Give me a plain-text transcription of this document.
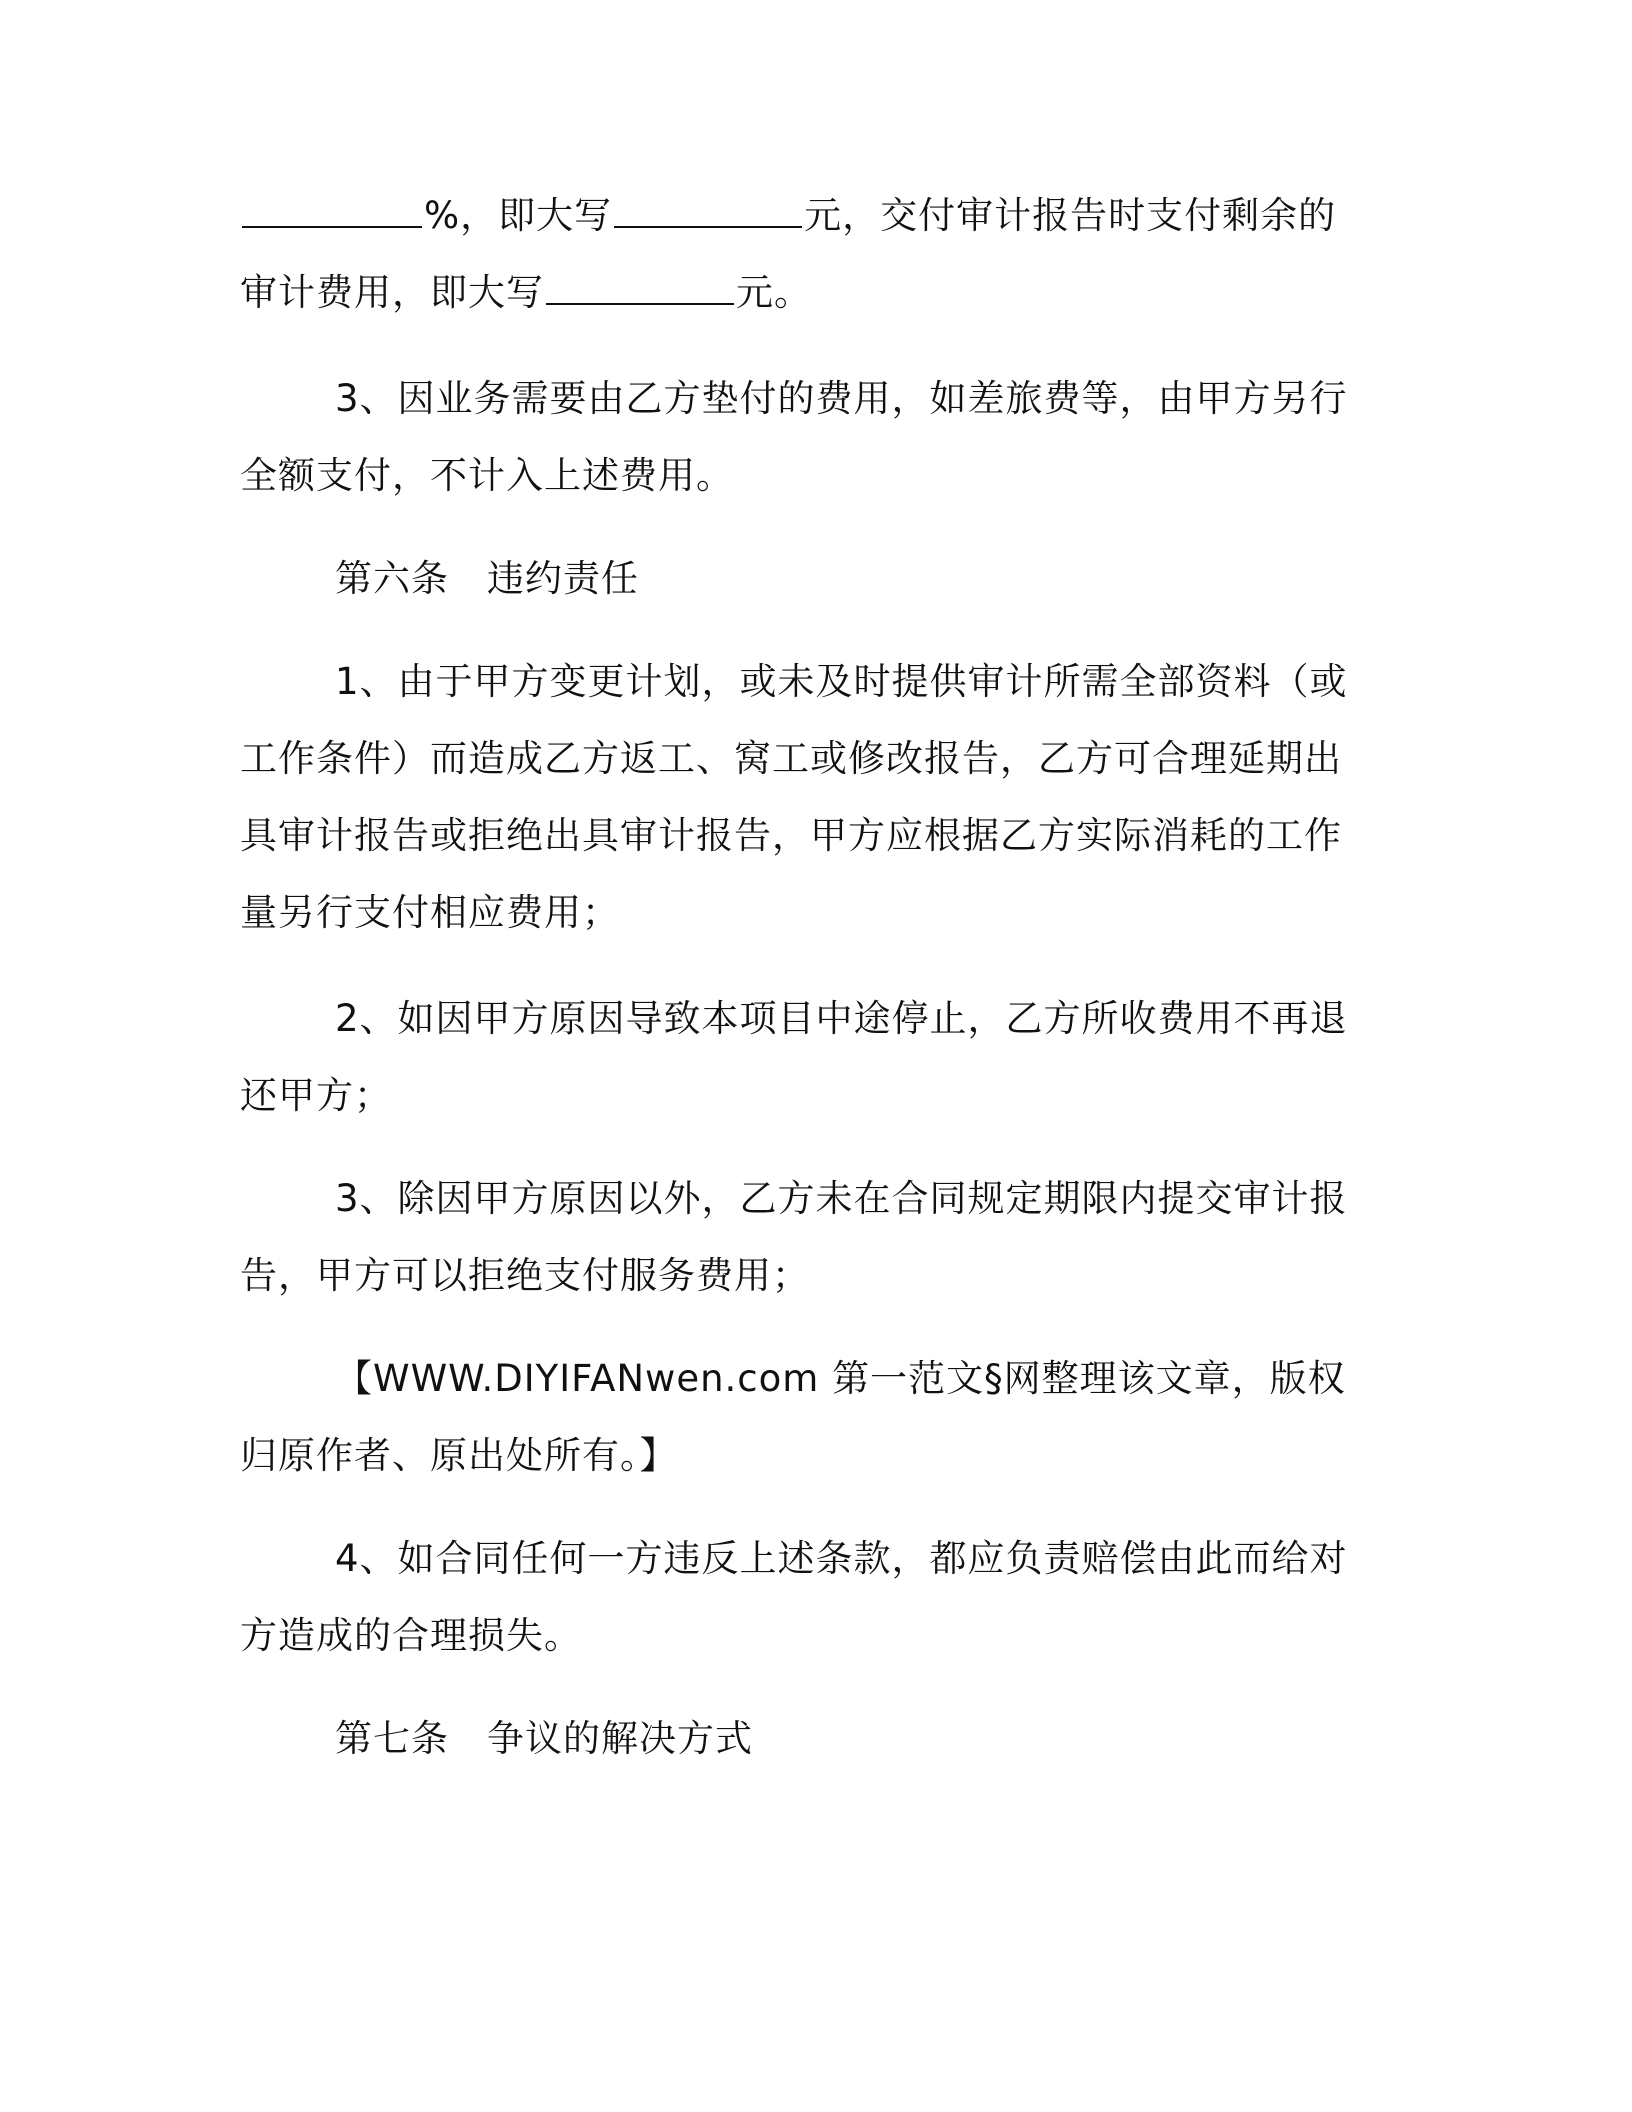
%，即大写	元，交付审计报告时支付剩余的审计费用，即大写	元。

3、因业务需要由乙方垫付的费用，如差旅费等，由甲方另行全额支付，不计入上述费用。

第六条 违约责任

1、由于甲方变更计划，或未及时提供审计所需全部资料（或工作条件）而造成乙方返工、窝工或修改报告，乙方可合理延期出具审计报告或拒绝出具审计报告，甲方应根据乙方实际消耗的工作量另行支付相应费用；

2、如因甲方原因导致本项目中途停止，乙方所收费用不再退还甲方；

3、除因甲方原因以外，乙方未在合同规定期限内提交审计报告，甲方可以拒绝支付服务费用；

【WWW.DIYIFANwen.com 第一范文§网整理该文章，版权归原作者、原出处所有。】

4、如合同任何一方违反上述条款，都应负责赔偿由此而给对方造成的合理损失。

第七条 争议的解决方式
